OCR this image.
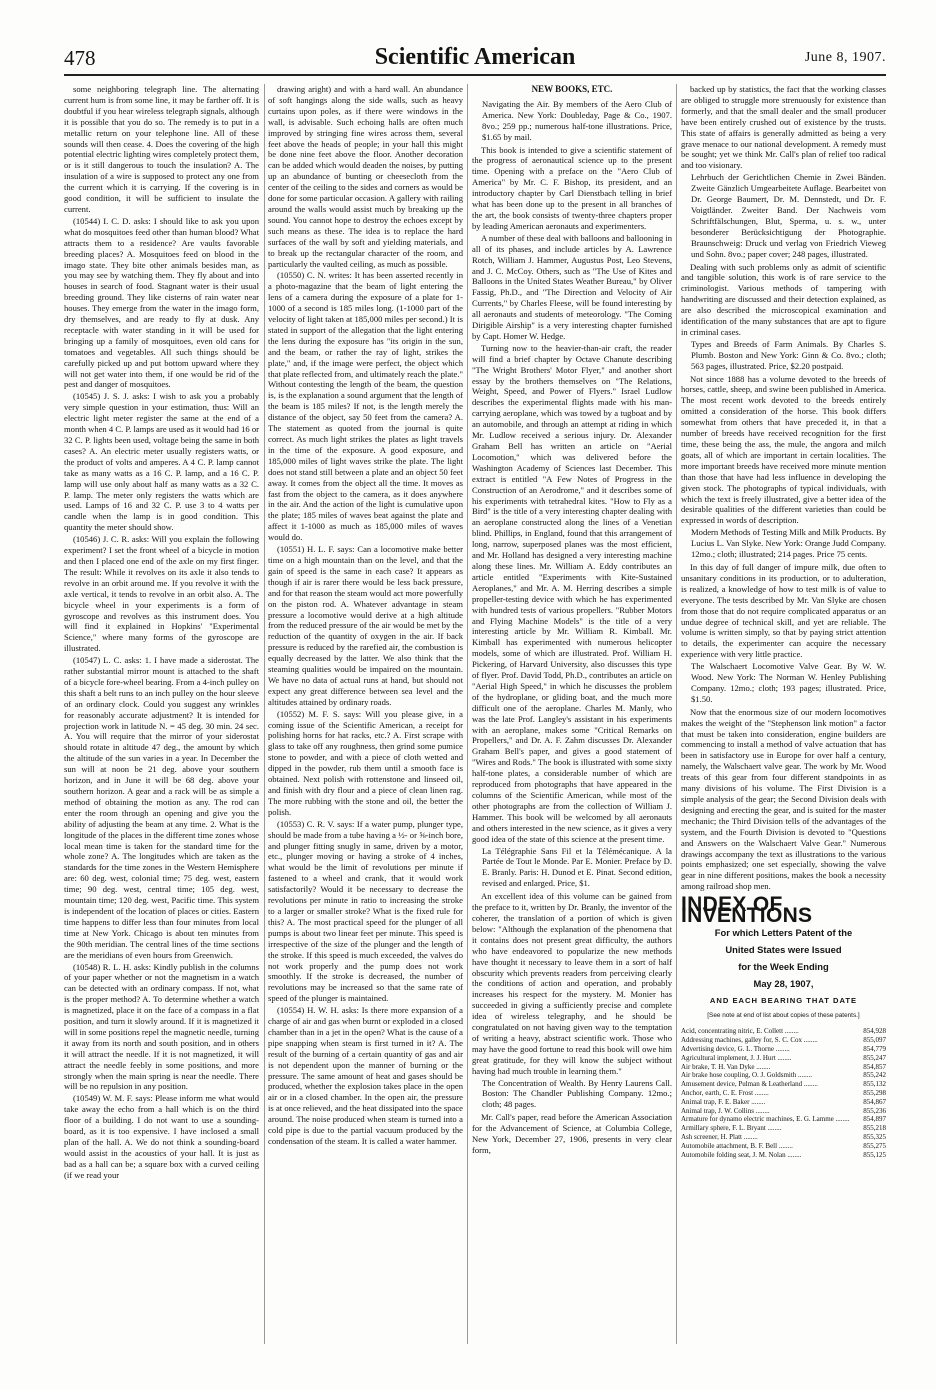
478	Scientific American	June 8, 1907.

some neighboring telegraph line. The alternating current hum is from some line, it may be farther off. It is doubtful if you hear wireless telegraph signals, although it is possible that you do so. The remedy is to put in a metallic return on your telephone line. All of these sounds will then cease. 4. Does the covering of the high potential electric lighting wires completely protect them, or is it still dangerous to touch the insulation? A. The insulation of a wire is supposed to protect any one from the current which it is carrying. If the covering is in good condition, it will be sufficient to insulate the current.

(10544) I. C. D. asks: I should like to ask you upon what do mosquitoes feed other than human blood? What attracts them to a residence? Are vaults favorable breeding places? A. Mosquitoes feed on blood in the imago state. They bite other animals besides man, as you may see by watching them. They fly about and into houses in search of food. Stagnant water is their usual breeding ground. They like cisterns of rain water near houses. They emerge from the water in the imago form, dry themselves, and are ready to fly at dusk. Any receptacle with water standing in it will be used for bringing up a family of mosquitoes, even old cans for tomatoes and vegetables. All such things should be carefully picked up and put bottom upward where they will not get water into them, if one would be rid of the pest and danger of mosquitoes.

(10545) J. S. J. asks: I wish to ask you a probably very simple question in your estimation, thus: Will an electric light meter register the same at the end of a month when 4 C. P. lamps are used as it would had 16 or 32 C. P. lights been used, voltage being the same in both cases? A. An electric meter usually registers watts, or the product of volts and amperes. A 4 C. P. lamp cannot take as many watts as a 16 C. P. lamp, and a 16 C. P. lamp will use only about half as many watts as a 32 C. P. lamp. The meter only registers the watts which are used. Lamps of 16 and 32 C. P. use 3 to 4 watts per candle when the lamp is in good condition. This quantity the meter should show.

(10546) J. C. R. asks: Will you explain the following experiment? I set the front wheel of a bicycle in motion and then I placed one end of the axle on my first finger. The result: While it revolves on its axle it also tends to revolve in an orbit around me. If you revolve it with the axle vertical, it tends to revolve in an orbit also. A. The bicycle wheel in your experiments is a form of gyroscope and revolves as this instrument does. You will find it explained in Hopkins' "Experimental Science," where many forms of the gyroscope are illustrated.

(10547) L. C. asks: 1. I have made a siderostat. The rather substantial mirror mount is attached to the shaft of a bicycle fore-wheel bearing. From a 4-inch pulley on this shaft a belt runs to an inch pulley on the hour sleeve of an ordinary clock. Could you suggest any wrinkles for reasonably accurate adjustment? It is intended for projection work in latitude N. = 45 deg. 30 min. 24 sec. A. You will require that the mirror of your siderostat should rotate in altitude 47 deg., the amount by which the altitude of the sun varies in a year. In December the sun will at noon be 21 deg. above your southern horizon, and in June it will be 68 deg. above your southern horizon. A gear and a rack will be as simple a method of obtaining the motion as any. The rod can enter the room through an opening and give you the ability of adjusting the beam at any time. 2. What is the longitude of the places in the different time zones whose local mean time is taken for the standard time for the whole zone? A. The longitudes which are taken as the standards for the time zones in the Western Hemisphere are: 60 deg. west, colonial time; 75 deg. west, eastern time; 90 deg. west, central time; 105 deg. west, mountain time; 120 deg. west, Pacific time. This system is independent of the location of places or cities. Eastern time happens to differ less than four minutes from local time at New York. Chicago is about ten minutes from the 90th meridian. The central lines of the time sections are the meridians of even hours from Greenwich.

(10548) R. L. H. asks: Kindly publish in the columns of your paper whether or not the magnetism in a watch can be detected with an ordinary compass. If not, what is the proper method? A. To determine whether a watch is magnetized, place it on the face of a compass in a flat position, and turn it slowly around. If it is magnetized it will in some positions repel the magnetic needle, turning it away from its north and south position, and in others it will attract the needle. If it is not magnetized, it will attract the needle feebly in some positions, and more strongly when the main spring is near the needle. There will be no repulsion in any position.

(10549) W. M. F. says: Please inform me what would take away the echo from a hall which is on the third floor of a building. I do not want to use a sounding-board, as it is too expensive. I have inclosed a small plan of the hall. A. We do not think a sounding-board would assist in the acoustics of your hall. It is just as bad as a hall can be; a square box with a curved ceiling (if we read your

drawing aright) and with a hard wall. An abundance of soft hangings along the side walls, such as heavy curtains upon poles, as if there were windows in the wall, is advisable. Such echoing halls are often much improved by stringing fine wires across them, several feet above the heads of people; in your hall this might be done nine feet above the floor. Another decoration can be added which would deaden the noises, by putting up an abundance of bunting or cheesecloth from the center of the ceiling to the sides and corners as would be done for some particular occasion. A gallery with railing around the walls would assist much by breaking up the sound. You cannot hope to destroy the echoes except by such means as these. The idea is to replace the hard surfaces of the wall by soft and yielding materials, and to break up the rectangular character of the room, and particularly the vaulted ceiling, as much as possible.

(10550) C. N. writes: It has been asserted recently in a photo-magazine that the beam of light entering the lens of a camera during the exposure of a plate for 1-1000 of a second is 185 miles long. (1-1000 part of the velocity of light taken at 185,000 miles per second.) It is stated in support of the allegation that the light entering the lens during the exposure has "its origin in the sun, and the beam, or rather the ray of light, strikes the plate," and, if the image were perfect, the object which that plate reflected from, and ultimately reach the plate." Without contesting the length of the beam, the question is, is the explanation a sound argument that the length of the beam is 185 miles? If not, is the length merely the distance of the object, say 50 feet from the camera? A. The statement as quoted from the journal is quite correct. As much light strikes the plates as light travels in the time of the exposure. A good exposure, and 185,000 miles of light waves strike the plate. The light does not stand still between a plate and an object 50 feet away. It comes from the object all the time. It moves as fast from the object to the camera, as it does anywhere in the air. And the action of the light is cumulative upon the plate; 185 miles of waves beat against the plate and affect it 1-1000 as much as 185,000 miles of waves would do.

(10551) H. L. F. says: Can a locomotive make better time on a high mountain than on the level, and that the gain of speed is the same in each case? It appears as though if air is rarer there would be less back pressure, and for that reason the steam would act more powerfully on the piston rod. A. Whatever advantage in steam pressure a locomotive would derive at a high altitude from the reduced pressure of the air would be met by the reduction of the quantity of oxygen in the air. If back pressure is reduced by the rarefied air, the combustion is equally decreased by the latter. We also think that the steaming qualities would be impaired on the mountain. We have no data of actual runs at hand, but should not expect any great difference between sea level and the altitudes attained by ordinary roads.

(10552) M. F. S. says: Will you please give, in a coming issue of the Scientific American, a receipt for polishing horns for hat racks, etc.? A. First scrape with glass to take off any roughness, then grind some pumice stone to powder, and with a piece of cloth wetted and dipped in the powder, rub them until a smooth face is obtained. Next polish with rottenstone and linseed oil, and finish with dry flour and a piece of clean linen rag. The more rubbing with the stone and oil, the better the polish.

(10553) C. R. V. says: If a water pump, plunger type, should be made from a tube having a ½- or ⅝-inch bore, and plunger fitting snugly in same, driven by a motor, etc., plunger moving or having a stroke of 4 inches, what would be the limit of revolutions per minute if fastened to a wheel and crank, that it would work satisfactorily? Would it be necessary to decrease the revolutions per minute in ratio to increasing the stroke to a larger or smaller stroke? What is the fixed rule for this? A. The most practical speed for the plunger of all pumps is about two linear feet per minute. This speed is irrespective of the size of the plunger and the length of the stroke. If this speed is much exceeded, the valves do not work properly and the pump does not work smoothly. If the stroke is decreased, the number of revolutions may be increased so that the same rate of speed of the plunger is maintained.

(10554) H. W. H. asks: Is there more expansion of a charge of air and gas when burnt or exploded in a closed chamber than in a jet in the open? What is the cause of a pipe snapping when steam is first turned in it? A. The result of the burning of a certain quantity of gas and air is not dependent upon the manner of burning or the pressure. The same amount of heat and gases should be produced, whether the explosion takes place in the open air or in a closed chamber. In the open air, the pressure is at once relieved, and the heat dissipated into the space around. The noise produced when steam is turned into a cold pipe is due to the partial vacuum produced by the condensation of the steam. It is called a water hammer.

NEW BOOKS, ETC.

Navigating the Air. By members of the Aero Club of America. New York: Doubleday, Page & Co., 1907. 8vo.; 259 pp.; numerous half-tone illustrations. Price, $1.65 by mail.

This book is intended to give a scientific statement of the progress of aeronautical science up to the present time. Opening with a preface on the "Aero Club of America" by Mr. C. F. Bishop, its president, and an introductory chapter by Carl Dienstbach telling in brief what has been done up to the present in all branches of the art, the book consists of twenty-three chapters proper by leading American aeronauts and experimenters.

A number of these deal with balloons and ballooning in all of its phases, and include articles by A. Lawrence Rotch, William J. Hammer, Augustus Post, Leo Stevens, and J. C. McCoy. Others, such as "The Use of Kites and Balloons in the United States Weather Bureau," by Oliver Fassig, Ph.D., and "The Direction and Velocity of Air Currents," by Charles Fleese, will be found interesting by all aeronauts and students of meteorology. "The Coming Dirigible Airship" is a very interesting chapter furnished by Capt. Homer W. Hedge.

Turning now to the heavier-than-air craft, the reader will find a brief chapter by Octave Chanute describing "The Wright Brothers' Motor Flyer," and another short essay by the brothers themselves on "The Relations, Weight, Speed, and Power of Flyers." Israel Ludlow describes the experimental flights made with his man-carrying aeroplane, which was towed by a tugboat and by an automobile, and through an attempt at riding in which Mr. Ludlow received a serious injury. Dr. Alexander Graham Bell has written an article on "Aerial Locomotion," which was delivered before the Washington Academy of Sciences last December. This extract is entitled "A Few Notes of Progress in the Construction of an Aerodrome," and it describes some of his experiments with tetrahedral kites. "How to Fly as a Bird" is the title of a very interesting chapter dealing with an aeroplane constructed along the lines of a Venetian blind. Phillips, in England, found that this arrangement of long, narrow, superposed planes was the most efficient, and Mr. Holland has designed a very interesting machine along these lines. Mr. William A. Eddy contributes an article entitled "Experiments with Kite-Sustained Aeroplanes," and Mr. A. M. Herring describes a simple propeller-testing device with which he has experimented with hundred tests of various propellers. "Rubber Motors and Flying Machine Models" is the title of a very interesting article by Mr. William R. Kimball. Mr. Kimball has experimented with numerous helicopter models, some of which are illustrated. Prof. William H. Pickering, of Harvard University, also discusses this type of flyer. Prof. David Todd, Ph.D., contributes an article on "Aerial High Speed," in which he discusses the problem of the hydroplane, or gliding boat, and the much more difficult one of the aeroplane. Charles M. Manly, who was the late Prof. Langley's assistant in his experiments with an aeroplane, makes some "Critical Remarks on Propellers," and Dr. A. F. Zahm discusses Dr. Alexander Graham Bell's paper, and gives a good statement of "Wires and Rods." The book is illustrated with some sixty half-tone plates, a considerable number of which are reproduced from photographs that have appeared in the columns of the Scientific American, while most of the other photographs are from the collection of William J. Hammer. This book will be welcomed by all aeronauts and others interested in the new science, as it gives a very good idea of the state of this science at the present time.

La Télégraphie Sans Fil et la Télémécanique. A la Partée de Tout le Monde. Par E. Monier. Preface by D. E. Branly. Paris: H. Dunod et E. Pinat. Second edition, revised and enlarged. Price, $1.

An excellent idea of this volume can be gained from the preface to it, written by Dr. Branly, the inventor of the coherer, the translation of a portion of which is given below: "Although the explanation of the phenomena that it contains does not present great difficulty, the authors who have endeavored to popularize the new methods have thought it necessary to leave them in a sort of half obscurity which prevents readers from perceiving clearly the conditions of action and operation, and probably increases his respect for the mystery. M. Monier has succeeded in giving a sufficiently precise and complete idea of wireless telegraphy, and he should be congratulated on not having given way to the temptation of writing a heavy, abstract scientific work. Those who may have the good fortune to read this book will owe him great gratitude, for they will know the subject without having had much trouble in learning them."

The Concentration of Wealth. By Henry Laurens Call. Boston: The Chandler Publishing Company. 12mo.; cloth; 48 pages.

Mr. Call's paper, read before the American Association for the Advancement of Science, at Columbia College, New York, December 27, 1906, presents in very clear form,

backed up by statistics, the fact that the working classes are obliged to struggle more strenuously for existence than formerly, and that the small dealer and the small producer have been entirely crushed out of existence by the trusts. This state of affairs is generally admitted as being a very grave menace to our national development. A remedy must be sought; yet we think Mr. Call's plan of relief too radical and too visionary.

Lehrbuch der Gerichtlichen Chemie in Zwei Bänden. Zweite Gänzlich Umgearbeitete Auflage. Bearbeitet von Dr. George Baumert, Dr. M. Dennstedt, und Dr. F. Voigtländer. Zweiter Band. Der Nachweis vom Schriftfälschungen, Blut, Sperma, u. s. w., unter besonderer Berücksichtigung der Photographie. Braunschweig: Druck und verlag von Friedrich Vieweg und Sohn. 8vo.; paper cover; 248 pages, illustrated.

Dealing with such problems only as admit of scientific and tangible solution, this work is of rare service to the criminologist. Various methods of tampering with handwriting are discussed and their detection explained, as are also described the microscopical examination and identification of the many substances that are apt to figure in criminal cases.

Types and Breeds of Farm Animals. By Charles S. Plumb. Boston and New York: Ginn & Co. 8vo.; cloth; 563 pages, illustrated. Price, $2.20 postpaid.

Not since 1888 has a volume devoted to the breeds of horses, cattle, sheep, and swine been published in America. The most recent work devoted to the breeds entirely omitted a consideration of the horse. This book differs somewhat from others that have preceded it, in that a number of breeds have received recognition for the first time, these being the ass, the mule, the angora and milch goats, all of which are important in certain localities. The more important breeds have received more minute mention than those that have had less influence in developing the given stock. The photographs of typical individuals, with which the text is freely illustrated, give a better idea of the desirable qualities of the different varieties than could be expressed in words of description.

Modern Methods of Testing Milk and Milk Products. By Lucius L. Van Slyke. New York: Orange Judd Company. 12mo.; cloth; illustrated; 214 pages. Price 75 cents.

In this day of full danger of impure milk, due often to unsanitary conditions in its production, or to adulteration, is realized, a knowledge of how to test milk is of value to everyone. The tests described by Mr. Van Slyke are chosen from those that do not require complicated apparatus or an undue degree of technical skill, and yet are reliable. The volume is written simply, so that by paying strict attention to details, the experimenter can acquire the necessary experience with very little practice.

The Walschaert Locomotive Valve Gear. By W. W. Wood. New York: The Norman W. Henley Publishing Company. 12mo.; cloth; 193 pages; illustrated. Price, $1.50.

Now that the enormous size of our modern locomotives makes the weight of the "Stephenson link motion" a factor that must be taken into consideration, engine builders are commencing to install a method of valve actuation that has been in satisfactory use in Europe for over half a century, namely, the Walschaert valve gear. The work by Mr. Wood treats of this gear from four different standpoints in as many divisions of his volume. The First Division is a simple analysis of the gear; the Second Division deals with designing and erecting the gear, and is suited for the master mechanic; the Third Division tells of the advantages of the system, and the Fourth Division is devoted to "Questions and Answers on the Walschaert Valve Gear." Numerous drawings accompany the text as illustrations to the various points emphasized; one set especially, showing the valve gear in nine different positions, makes the book a necessity among railroad shop men.

INDEX OF INVENTIONS
For which Letters Patent of the
United States were Issued
for the Week Ending
May 28, 1907,
AND EACH BEARING THAT DATE
[See note at end of list about copies of these patents.]
Acid, concentrating nitric, E. Collett ........	854,928
Addressing machines, galley for, S. C. Cox ........	855,097
Advertising device, G. L. Thorne ........	854,779
Agricultural implement, J. J. Hurt ........	855,247
Air brake, T. H. Van Dyke ........	854,857
Air brake hose coupling, O. J. Goldsmith ........	855,242
Amusement device, Pulman & Leatherland ........	855,132
Anchor, earth, C. E. Frost ........	855,298
Animal trap, F. E. Baker ........	854,867
Animal trap, J. W. Collins ........	855,236
Armature for dynamo electric machines, E. G. Lamme ........ 854,897
Armillary sphere, F. L. Bryant ........	855,218
Ash screener, H. Platt ........	855,325
Automobile attachment, B. F. Bell ........	855,275
Automobile folding seat, J. M. Nolan ........	855,125
